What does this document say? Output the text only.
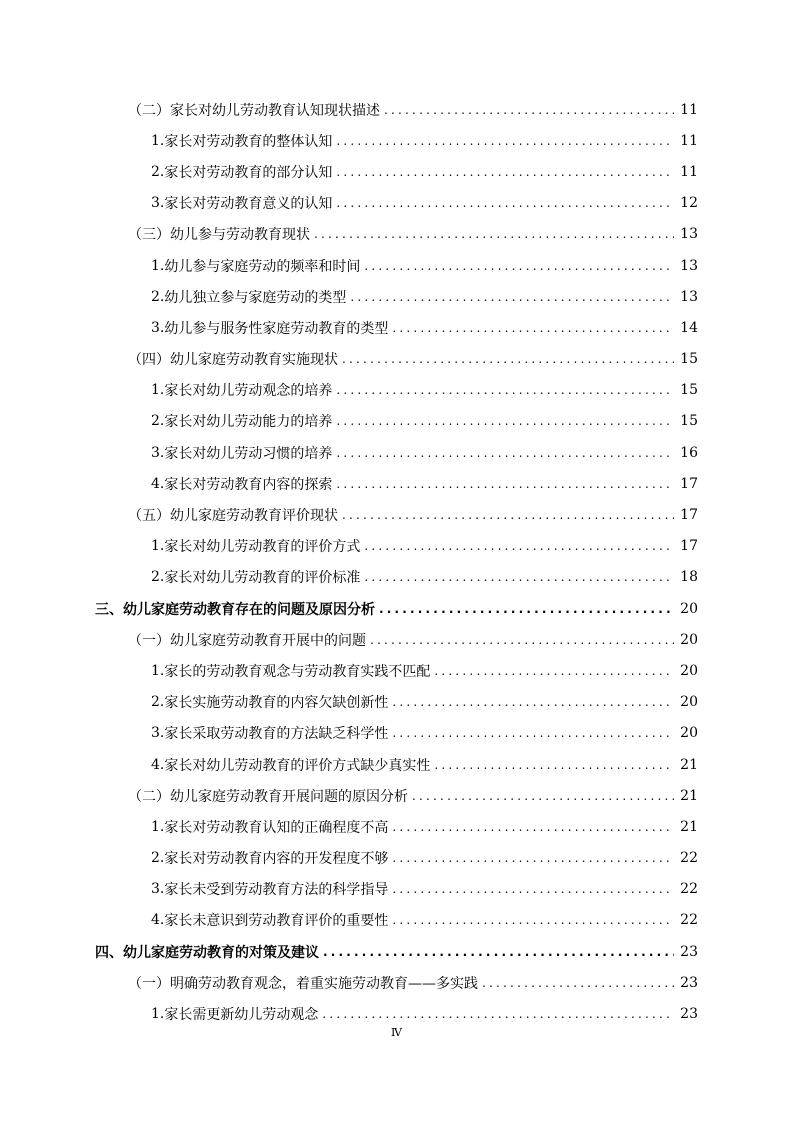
（二） 家长对幼儿劳动教育认知现状描述 .....	11
1. 家长对劳动教育的整体认知 .....	11
2. 家长对劳动教育的部分认知 .....	11
3. 家长对劳动教育意义的认知 .....	12
（三） 幼儿参与劳动教育现状 .....	13
1. 幼儿参与家庭劳动的频率和时间 .....	13
2. 幼儿独立参与家庭劳动的类型 .....	13
3. 幼儿参与服务性家庭劳动教育的类型 .....	14
（四） 幼儿家庭劳动教育实施现状 .....	15
1. 家长对幼儿劳动观念的培养 .....	15
2. 家长对幼儿劳动能力的培养 .....	15
3. 家长对幼儿劳动习惯的培养 .....	16
4. 家长对劳动教育内容的探索 .....	17
（五） 幼儿家庭劳动教育评价现状 .....	17
1. 家长对幼儿劳动教育的评价方式 .....	17
2. 家长对幼儿劳动教育的评价标准 .....	18
三、 幼儿家庭劳动教育存在的问题及原因分析 .....	20
（一） 幼儿家庭劳动教育开展中的问题 .....	20
1. 家长的劳动教育观念与劳动教育实践不匹配 .....	20
2. 家长实施劳动教育的内容欠缺创新性 .....	20
3. 家长采取劳动教育的方法缺乏科学性 .....	20
4. 家长对幼儿劳动教育的评价方式缺少真实性 .....	21
（二） 幼儿家庭劳动教育开展问题的原因分析 .....	21
1. 家长对劳动教育认知的正确程度不高 .....	21
2. 家长对劳动教育内容的开发程度不够 .....	22
3. 家长未受到劳动教育方法的科学指导 .....	22
4. 家长未意识到劳动教育评价的重要性 .....	22
四、 幼儿家庭劳动教育的对策及建议 .....	23
（一） 明确劳动教育观念，着重实施劳动教育——多实践 .....	23
1. 家长需更新幼儿劳动观念 .....	23
Ⅳ
